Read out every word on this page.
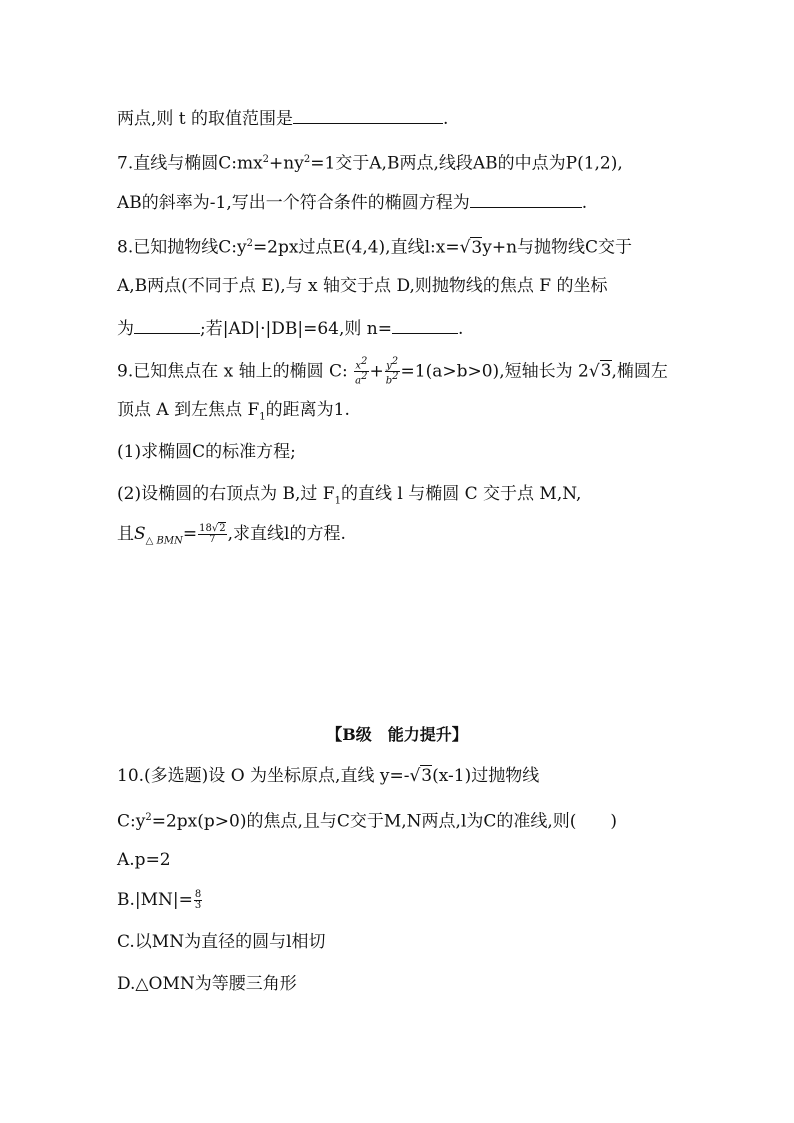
两点,则 t 的取值范围是	.
7.直线与椭圆$C:mx^2+ny^2=1$交于A,B两点,线段AB的中点为P(1,2),
AB的斜率为-1,写出一个符合条件的椭圆方程为	.
8.已知抛物线$C:y^2=2px$过点E(4,4),直线l:x=√3y+n与抛物线C交于
A,B两点(不同于点 E),与 x 轴交于点 D,则抛物线的焦点 F 的坐标
为	;若|AD|·|DB|=64,则 n=	.
9.已知焦点在 x 轴上的椭圆 C: $\frac{x^2}{a^2} + \frac{y^2}{b^2} =1(a>b>0)$,短轴长为 2√3,椭圆左
顶点 A 到左焦点 $F_1$的距离为1.
(1)求椭圆C的标准方程;
(2)设椭圆的右顶点为 B,过 $F_1$的直线 l 与椭圆 C 交于点 M,N,
且$S_{\triangle BMN}= \frac{18√2}{7}$ ,求直线l的方程.
【B级　能力提升】
10.(多选题)设 O 为坐标原点,直线 y=-√3(x-1)过抛物线
$C:y^2=2px(p>0)$的焦点,且与C交于M,N两点,l为C的准线,则(　　)
A.p=2
$B.|MN|= \frac{8}{3}$
C.以MN为直径的圆与l相切
D.△OMN为等腰三角形
